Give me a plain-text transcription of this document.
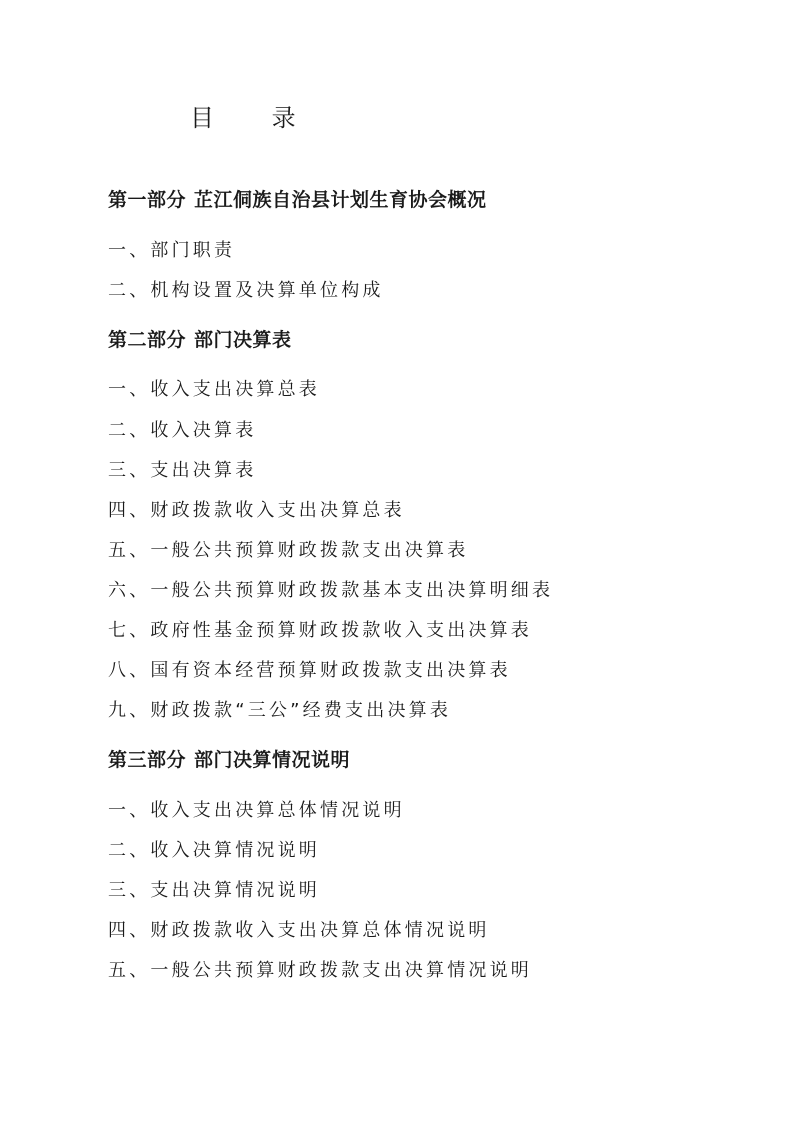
目 录
第一部分 芷江侗族自治县计划生育协会概况
一、部门职责
二、机构设置及决算单位构成
第二部分 部门决算表
一、收入支出决算总表
二、收入决算表
三、支出决算表
四、财政拨款收入支出决算总表
五、一般公共预算财政拨款支出决算表
六、一般公共预算财政拨款基本支出决算明细表
七、政府性基金预算财政拨款收入支出决算表
八、国有资本经营预算财政拨款支出决算表
九、财政拨款“三公”经费支出决算表
第三部分 部门决算情况说明
一、收入支出决算总体情况说明
二、收入决算情况说明
三、支出决算情况说明
四、财政拨款收入支出决算总体情况说明
五、一般公共预算财政拨款支出决算情况说明
